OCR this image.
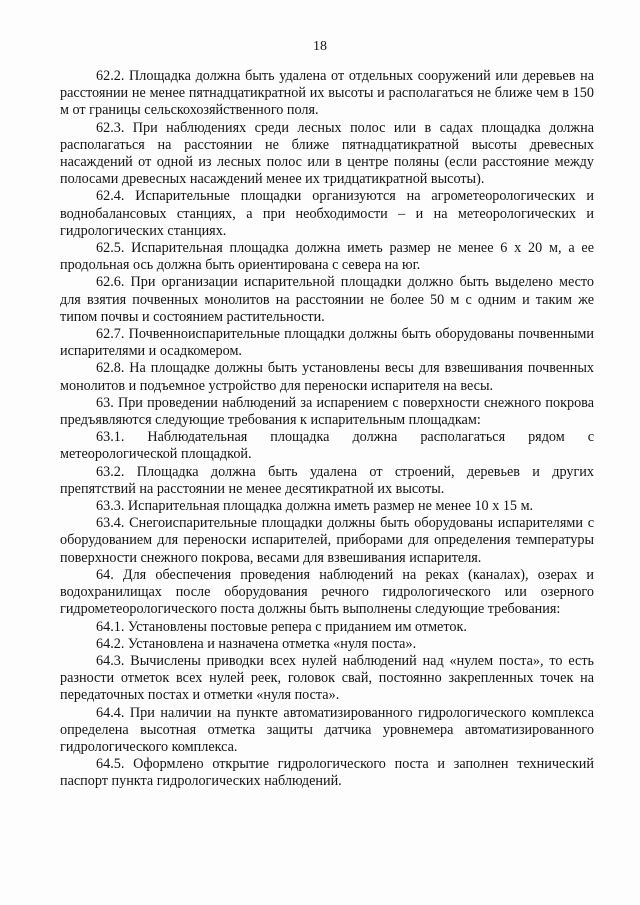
18

62.2. Площадка должна быть удалена от отдельных сооружений или деревьев на расстоянии не менее пятнадцатикратной их высоты и располагаться не ближе чем в 150 м от границы сельскохозяйственного поля.

62.3. При наблюдениях среди лесных полос или в садах площадка должна располагаться на расстоянии не ближе пятнадцатикратной высоты древесных насаждений от одной из лесных полос или в центре поляны (если расстояние между полосами древесных насаждений менее их тридцатикратной высоты).

62.4. Испарительные площадки организуются на агрометеорологических и воднобалансовых станциях, а при необходимости – и на метеорологических и гидрологических станциях.

62.5. Испарительная площадка должна иметь размер не менее 6 х 20 м, а ее продольная ось должна быть ориентирована с севера на юг.

62.6. При организации испарительной площадки должно быть выделено место для взятия почвенных монолитов на расстоянии не более 50 м с одним и таким же типом почвы и состоянием растительности.

62.7. Почвенноиспарительные площадки должны быть оборудованы почвенными испарителями и осадкомером.

62.8. На площадке должны быть установлены весы для взвешивания почвенных монолитов и подъемное устройство для переноски испарителя на весы.

63. При проведении наблюдений за испарением с поверхности снежного покрова предъявляются следующие требования к испарительным площадкам:

63.1. Наблюдательная площадка должна располагаться рядом с метеорологической площадкой.

63.2. Площадка должна быть удалена от строений, деревьев и других препятствий на расстоянии не менее десятикратной их высоты.

63.3. Испарительная площадка должна иметь размер не менее 10 х 15 м.

63.4. Снегоиспарительные площадки должны быть оборудованы испарителями с оборудованием для переноски испарителей, приборами для определения температуры поверхности снежного покрова, весами для взвешивания испарителя.

64. Для обеспечения проведения наблюдений на реках (каналах), озерах и водохранилищах после оборудования речного гидрологического или озерного гидрометеорологического поста должны быть выполнены следующие требования:

64.1. Установлены постовые репера с приданием им отметок.

64.2. Установлена и назначена отметка «нуля поста».

64.3. Вычислены приводки всех нулей наблюдений над «нулем поста», то есть разности отметок всех нулей реек, головок свай, постоянно закрепленных точек на передаточных постах и отметки «нуля поста».

64.4. При наличии на пункте автоматизированного гидрологического комплекса определена высотная отметка защиты датчика уровнемера автоматизированного гидрологического комплекса.

64.5. Оформлено открытие гидрологического поста и заполнен технический паспорт пункта гидрологических наблюдений.
